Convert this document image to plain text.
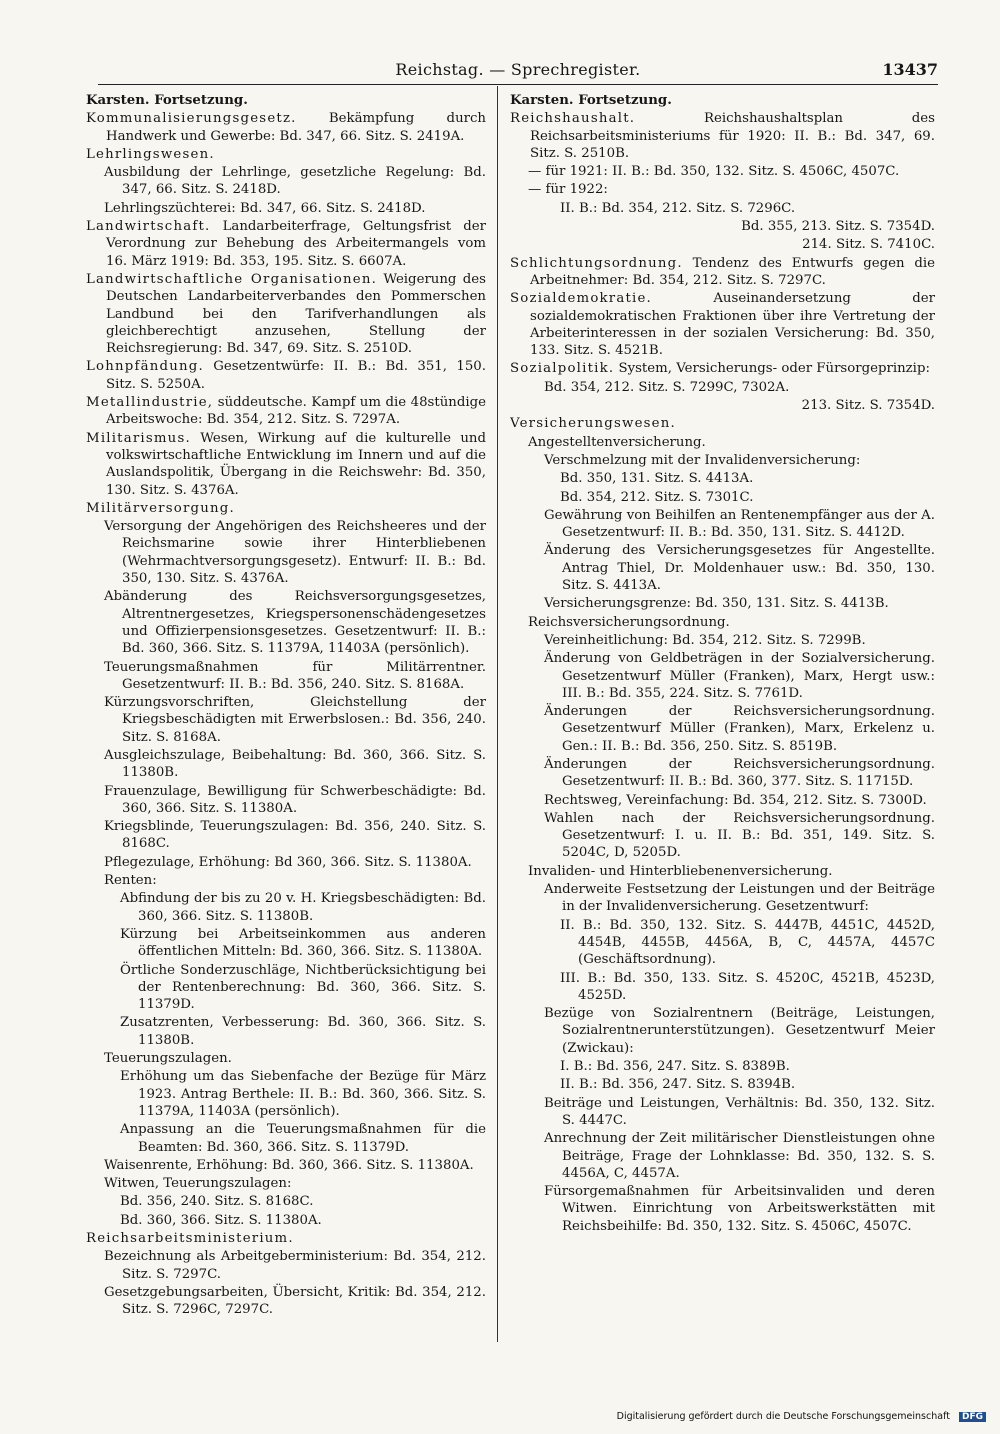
Reichstag. — Sprechregister.	13437
Karsten. Fortsetzung.
Kommunalisierungsgesetz. Bekämpfung durch Handwerk und Gewerbe: Bd. 347, 66. Sitz. S. 2419A.
Lehrlingswesen.
Ausbildung der Lehrlinge, gesetzliche Regelung: Bd. 347, 66. Sitz. S. 2418D.
Lehrlingszüchterei: Bd. 347, 66. Sitz. S. 2418D.
Landwirtschaft. Landarbeiterfrage, Geltungsfrist der Verordnung zur Behebung des Arbeitermangels vom 16. März 1919: Bd. 353, 195. Sitz. S. 6607A.
Landwirtschaftliche Organisationen. Weigerung des Deutschen Landarbeiterverbandes den Pommerschen Landbund bei den Tarifverhandlungen als gleichberechtigt anzusehen, Stellung der Reichsregierung: Bd. 347, 69. Sitz. S. 2510D.
Lohnpfändung. Gesetzentwürfe: II. B.: Bd. 351, 150. Sitz. S. 5250A.
Metallindustrie, süddeutsche. Kampf um die 48stündige Arbeitswoche: Bd. 354, 212. Sitz. S. 7297A.
Militarismus. Wesen, Wirkung auf die kulturelle und volkswirtschaftliche Entwicklung im Innern und auf die Auslandspolitik, Übergang in die Reichswehr: Bd. 350, 130. Sitz. S. 4376A.
Militärversorgung.
Versorgung der Angehörigen des Reichsheeres und der Reichsmarine sowie ihrer Hinterbliebenen (Wehrmachtversorgungsgesetz). Entwurf: II. B.: Bd. 350, 130. Sitz. S. 4376A.
Abänderung des Reichsversorgungsgesetzes, Altrentnergesetzes, Kriegspersonenschädengesetzes und Offizierpensionsgesetzes. Gesetzentwurf: II. B.: Bd. 360, 366. Sitz. S. 11379A, 11403A (persönlich).
Teuerungsmaßnahmen für Militärrentner. Gesetzentwurf: II. B.: Bd. 356, 240. Sitz. S. 8168A.
Kürzungsvorschriften, Gleichstellung der Kriegsbeschädigten mit Erwerbslosen.: Bd. 356, 240. Sitz. S. 8168A.
Ausgleichszulage, Beibehaltung: Bd. 360, 366. Sitz. S. 11380B.
Frauenzulage, Bewilligung für Schwerbeschädigte: Bd. 360, 366. Sitz. S. 11380A.
Kriegsblinde, Teuerungszulagen: Bd. 356, 240. Sitz. S. 8168C.
Pflegezulage, Erhöhung: Bd 360, 366. Sitz. S. 11380A.
Renten:
Abfindung der bis zu 20 v. H. Kriegsbeschädigten: Bd. 360, 366. Sitz. S. 11380B.
Kürzung bei Arbeitseinkommen aus anderen öffentlichen Mitteln: Bd. 360, 366. Sitz. S. 11380A.
Örtliche Sonderzuschläge, Nichtberücksichtigung bei der Rentenberechnung: Bd. 360, 366. Sitz. S. 11379D.
Zusatzrenten, Verbesserung: Bd. 360, 366. Sitz. S. 11380B.
Teuerungszulagen.
Erhöhung um das Siebenfache der Bezüge für März 1923. Antrag Berthele: II. B.: Bd. 360, 366. Sitz. S. 11379A, 11403A (persönlich).
Anpassung an die Teuerungsmaßnahmen für die Beamten: Bd. 360, 366. Sitz. S. 11379D.
Waisenrente, Erhöhung: Bd. 360, 366. Sitz. S. 11380A.
Witwen, Teuerungszulagen:
Bd. 356, 240. Sitz. S. 8168C.
Bd. 360, 366. Sitz. S. 11380A.
Reichsarbeitsministerium.
Bezeichnung als Arbeitgeberministerium: Bd. 354, 212. Sitz. S. 7297C.
Gesetzgebungsarbeiten, Übersicht, Kritik: Bd. 354, 212. Sitz. S. 7296C, 7297C.
Karsten. Fortsetzung.
Reichshaushalt. Reichshaushaltsplan des Reichsarbeitsministeriums für 1920: II. B.: Bd. 347, 69. Sitz. S. 2510B.
— für 1921: II. B.: Bd. 350, 132. Sitz. S. 4506C, 4507C.
— für 1922:
II. B.: Bd. 354, 212. Sitz. S. 7296C.
Bd. 355, 213. Sitz. S. 7354D.
214. Sitz. S. 7410C.
Schlichtungsordnung. Tendenz des Entwurfs gegen die Arbeitnehmer: Bd. 354, 212. Sitz. S. 7297C.
Sozialdemokratie. Auseinandersetzung der sozialdemokratischen Fraktionen über ihre Vertretung der Arbeiterinteressen in der sozialen Versicherung: Bd. 350, 133. Sitz. S. 4521B.
Sozialpolitik. System, Versicherungs- oder Fürsorgeprinzip:
Bd. 354, 212. Sitz. S. 7299C, 7302A.
213. Sitz. S. 7354D.
Versicherungswesen.
Angestelltenversicherung.
Verschmelzung mit der Invalidenversicherung:
Bd. 350, 131. Sitz. S. 4413A.
Bd. 354, 212. Sitz. S. 7301C.
Gewährung von Beihilfen an Rentenempfänger aus der A. Gesetzentwurf: II. B.: Bd. 350, 131. Sitz. S. 4412D.
Änderung des Versicherungsgesetzes für Angestellte. Antrag Thiel, Dr. Moldenhauer usw.: Bd. 350, 130. Sitz. S. 4413A.
Versicherungsgrenze: Bd. 350, 131. Sitz. S. 4413B.
Reichsversicherungsordnung.
Vereinheitlichung: Bd. 354, 212. Sitz. S. 7299B.
Änderung von Geldbeträgen in der Sozialversicherung. Gesetzentwurf Müller (Franken), Marx, Hergt usw.: III. B.: Bd. 355, 224. Sitz. S. 7761D.
Änderungen der Reichsversicherungsordnung. Gesetzentwurf Müller (Franken), Marx, Erkelenz u. Gen.: II. B.: Bd. 356, 250. Sitz. S. 8519B.
Änderungen der Reichsversicherungsordnung. Gesetzentwurf: II. B.: Bd. 360, 377. Sitz. S. 11715D.
Rechtsweg, Vereinfachung: Bd. 354, 212. Sitz. S. 7300D.
Wahlen nach der Reichsversicherungsordnung. Gesetzentwurf: I. u. II. B.: Bd. 351, 149. Sitz. S. 5204C, D, 5205D.
Invaliden- und Hinterbliebenenversicherung.
Anderweite Festsetzung der Leistungen und der Beiträge in der Invalidenversicherung. Gesetzentwurf:
II. B.: Bd. 350, 132. Sitz. S. 4447B, 4451C, 4452D, 4454B, 4455B, 4456A, B, C, 4457A, 4457C (Geschäftsordnung).
III. B.: Bd. 350, 133. Sitz. S. 4520C, 4521B, 4523D, 4525D.
Bezüge von Sozialrentnern (Beiträge, Leistungen, Sozialrentnerunterstützungen). Gesetzentwurf Meier (Zwickau):
I. B.: Bd. 356, 247. Sitz. S. 8389B.
II. B.: Bd. 356, 247. Sitz. S. 8394B.
Beiträge und Leistungen, Verhältnis: Bd. 350, 132. Sitz. S. 4447C.
Anrechnung der Zeit militärischer Dienstleistungen ohne Beiträge, Frage der Lohnklasse: Bd. 350, 132. S. S. 4456A, C, 4457A.
Fürsorgemaßnahmen für Arbeitsinvaliden und deren Witwen. Einrichtung von Arbeitswerkstätten mit Reichsbeihilfe: Bd. 350, 132. Sitz. S. 4506C, 4507C.
Digitalisierung gefördert durch die Deutsche Forschungsgemeinschaft DFG
